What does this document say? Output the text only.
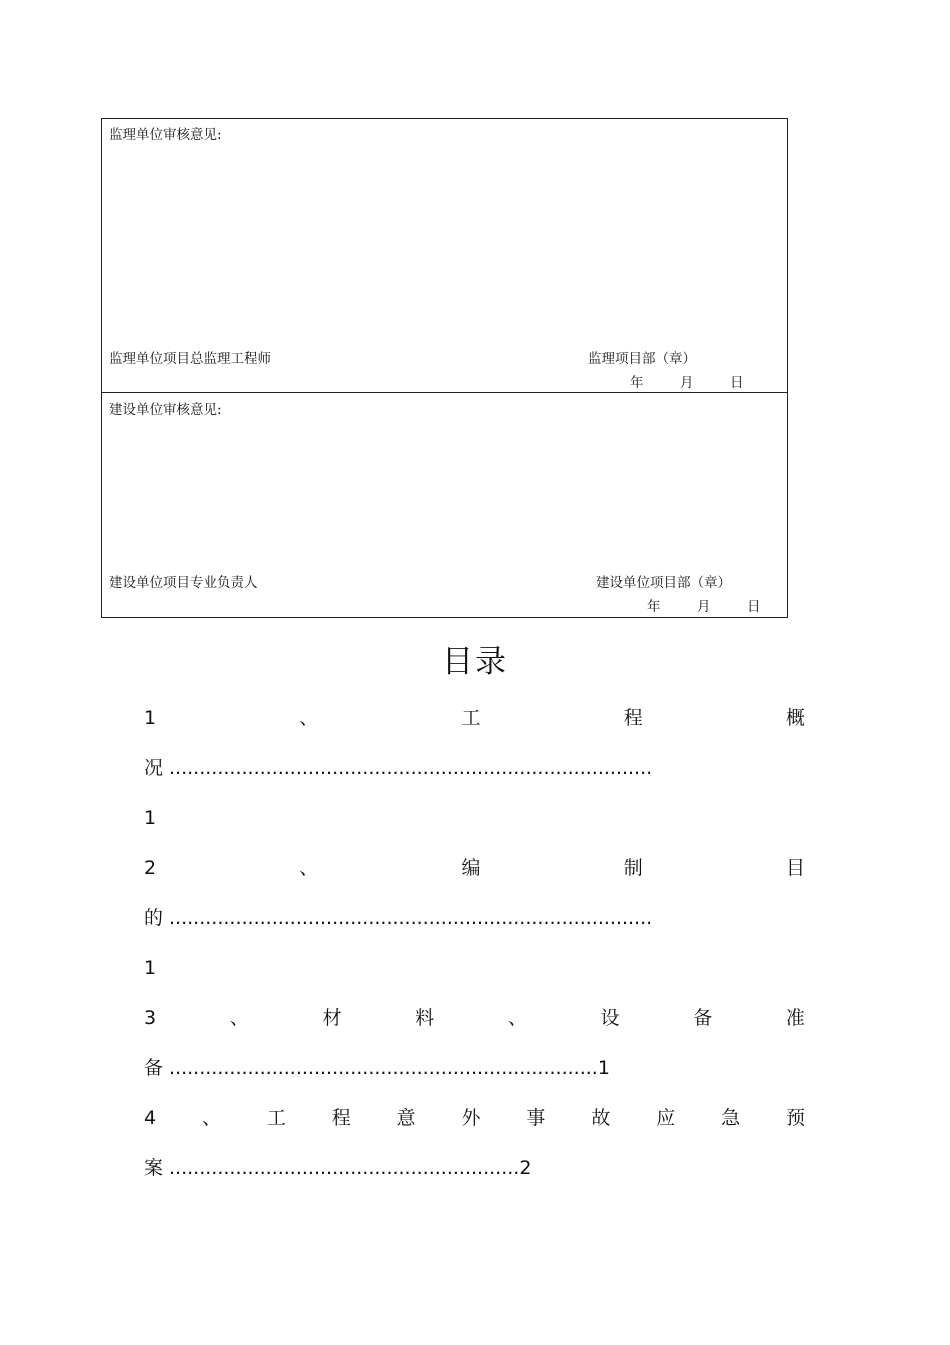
监理单位审核意见:
监理单位项目总监理工程师	监理项目部（章）
年	月	日
建设单位审核意见:
建设单位项目专业负责人	建设单位项目部（章）
年	月	日
目录
1	、	工	程	概
况 ................................................................................
1
2	、	编	制	目
的 ................................................................................
1
3	、	材	料	、	设	备	准
备 ....................................................................... 1
4 、 工 程 意 外 事 故 应 急 预
案 .......................................................... 2
